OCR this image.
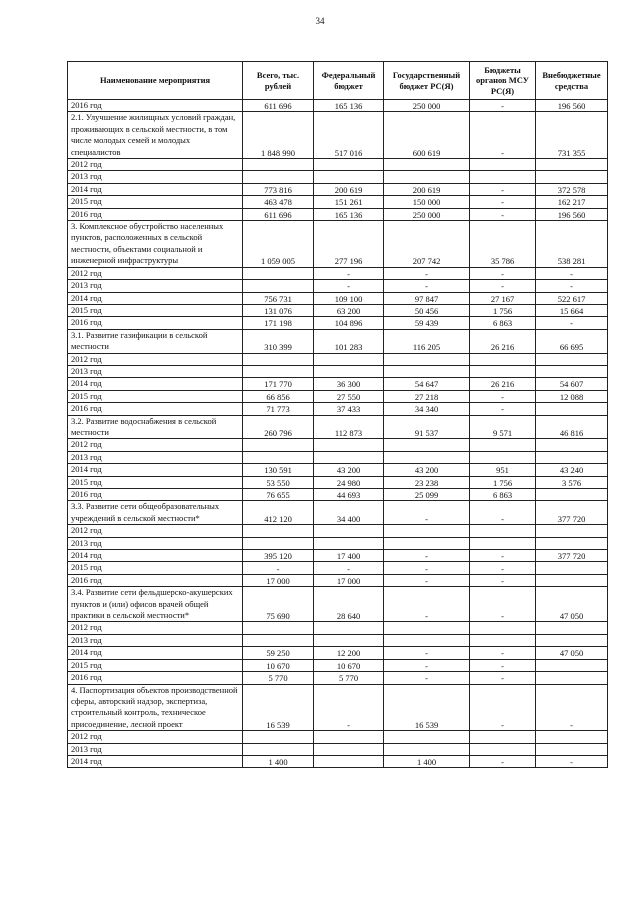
34
Наименование мероприятия	Всего, тыс. рублей	Федеральный бюджет	Государственный бюджет РС(Я)	Бюджеты органов МСУ РС(Я)	Внебюджетные средства
2016 год	611 696	165 136	250 000	-	196 560
2.1. Улучшение жилищных условий граждан, проживающих в сельской местности, в том числе молодых семей и молодых специалистов	1 848 990	517 016	600 619	-	731 355
2012 год					
2013 год					
2014 год	773 816	200 619	200 619	-	372 578
2015 год	463 478	151 261	150 000	-	162 217
2016 год	611 696	165 136	250 000	-	196 560
3. Комплексное обустройство населенных пунктов, расположенных в сельской местности, объектами социальной и инженерной инфраструктуры	1 059 005	277 196	207 742	35 786	538 281
2012 год		-	-	-	-
2013 год		-	-	-	-
2014 год	756 731	109 100	97 847	27 167	522 617
2015 год	131 076	63 200	50 456	1 756	15 664
2016 год	171 198	104 896	59 439	6 863	-
3.1. Развитие газификации в сельской местности	310 399	101 283	116 205	26 216	66 695
2012 год					
2013 год					
2014 год	171 770	36 300	54 647	26 216	54 607
2015 год	66 856	27 550	27 218	-	12 088
2016 год	71 773	37 433	34 340	-	
3.2. Развитие водоснабжения в сельской местности	260 796	112 873	91 537	9 571	46 816
2012 год					
2013 год					
2014 год	130 591	43 200	43 200	951	43 240
2015 год	53 550	24 980	23 238	1 756	3 576
2016 год	76 655	44 693	25 099	6 863	
3.3. Развитие сети общеобразовательных учреждений в сельской местности*	412 120	34 400	-	-	377 720
2012 год					
2013 год					
2014 год	395 120	17 400	-	-	377 720
2015 год	-	-	-	-	
2016 год	17 000	17 000	-	-	
3.4. Развитие сети фельдшерско-акушерских пунктов и (или) офисов врачей общей практики в сельской местности*	75 690	28 640	-	-	47 050
2012 год					
2013 год					
2014 год	59 250	12 200	-	-	47 050
2015 год	10 670	10 670	-	-	
2016 год	5 770	5 770	-	-	
4. Паспортизация объектов производственной сферы, авторский надзор, экспертиза, строительный контроль, техническое присоединение, лесной проект	16 539	-	16 539	-	-
2012 год					
2013 год					
2014 год	1 400		1 400	-	-
